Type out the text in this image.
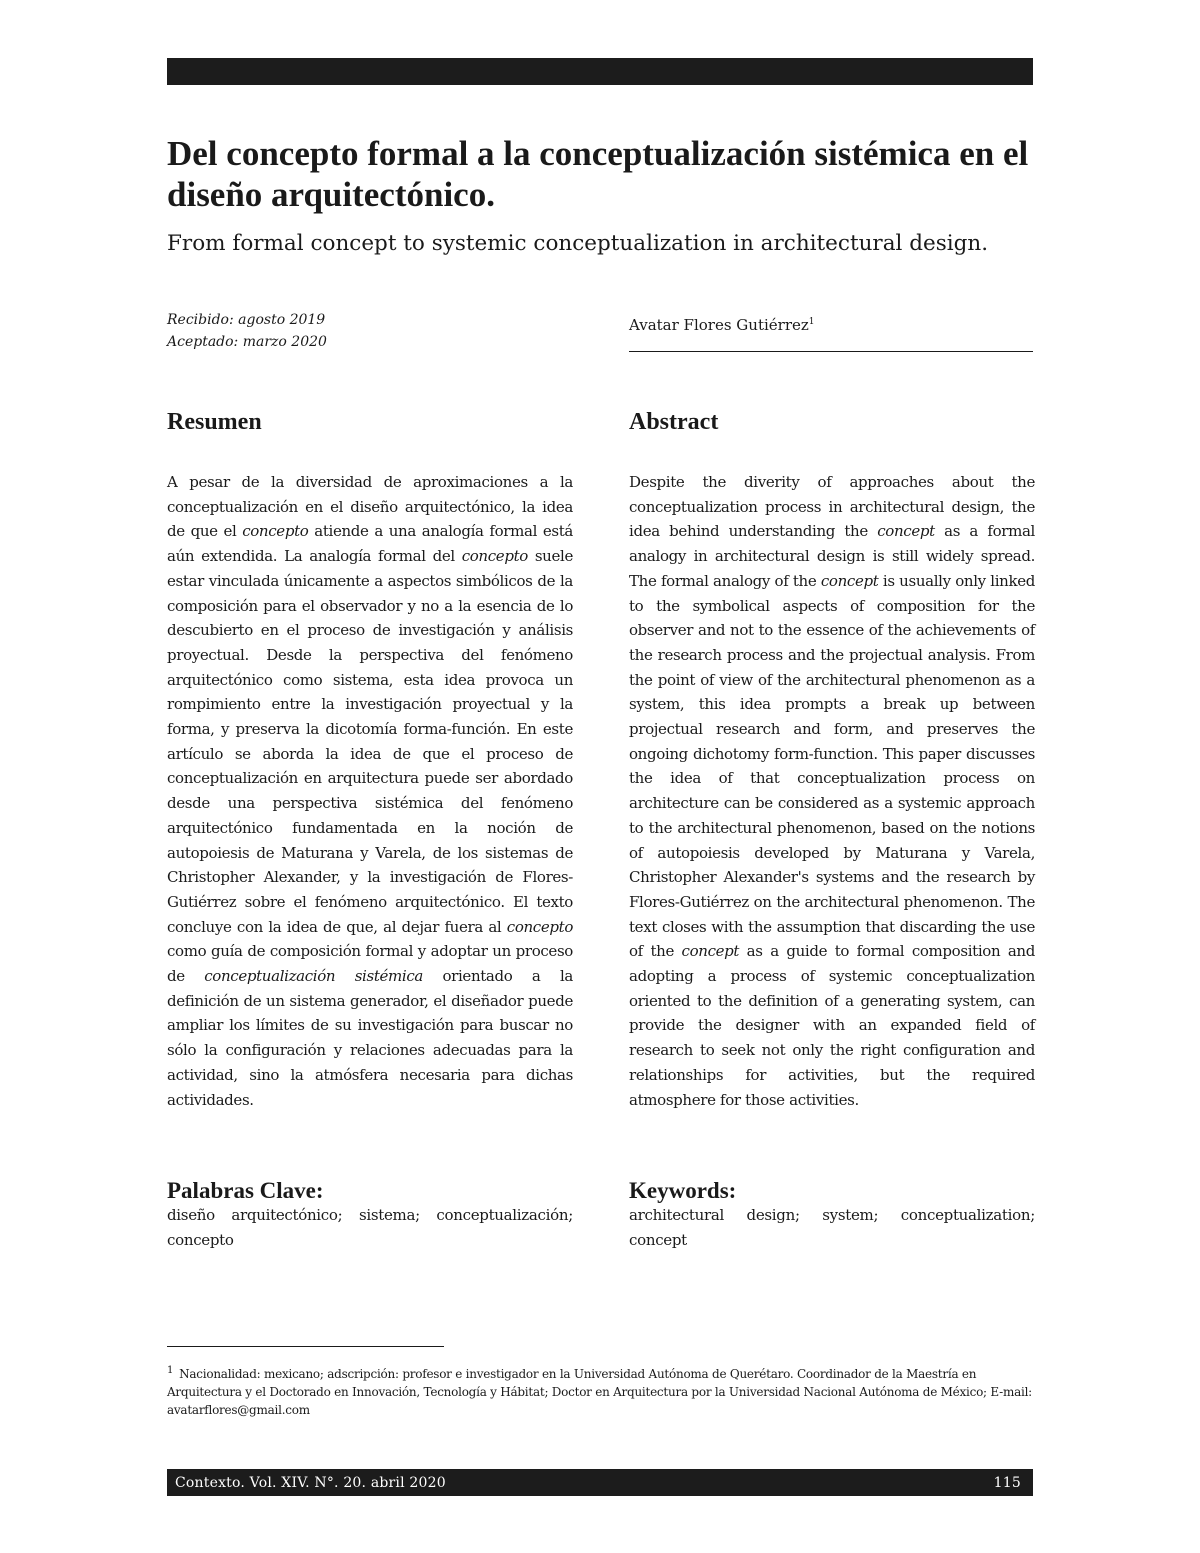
Del concepto formal a la conceptualización sistémica en el diseño arquitectónico.
From formal concept to systemic conceptualization in architectural design.
Recibido: agosto 2019
Aceptado: marzo 2020
Avatar Flores Gutiérrez$^1$
Resumen
A pesar de la diversidad de aproximaciones a la conceptualización en el diseño arquitectónico, la idea de que el concepto atiende a una analogía formal está aún extendida. La analogía formal del concepto suele estar vinculada únicamente a aspectos simbólicos de la composición para el observador y no a la esencia de lo descubierto en el proceso de investigación y análisis proyectual. Desde la perspectiva del fenómeno arquitectónico como sistema, esta idea provoca un rompimiento entre la investigación proyectual y la forma, y preserva la dicotomía forma-función. En este artículo se aborda la idea de que el proceso de conceptualización en arquitectura puede ser abordado desde una perspectiva sistémica del fenómeno arquitectónico fundamentada en la noción de autopoiesis de Maturana y Varela, de los sistemas de Christopher Alexander, y la investigación de Flores-Gutiérrez sobre el fenómeno arquitectónico. El texto concluye con la idea de que, al dejar fuera al concepto como guía de composición formal y adoptar un proceso de conceptualización sistémica orientado a la definición de un sistema generador, el diseñador puede ampliar los límites de su investigación para buscar no sólo la configuración y relaciones adecuadas para la actividad, sino la atmósfera necesaria para dichas actividades.
Palabras Clave:
diseño arquitectónico; sistema; conceptualización; concepto
Abstract
Despite the diverity of approaches about the conceptualization process in architectural design, the idea behind understanding the concept as a formal analogy in architectural design is still widely spread. The formal analogy of the concept is usually only linked to the symbolical aspects of composition for the observer and not to the essence of the achievements of the research process and the projectual analysis. From the point of view of the architectural phenomenon as a system, this idea prompts a break up between projectual research and form, and preserves the ongoing dichotomy form-function. This paper discusses the idea of that conceptualization process on architecture can be considered as a systemic approach to the architectural phenomenon, based on the notions of autopoiesis developed by Maturana y Varela, Christopher Alexander's systems and the research by Flores-Gutiérrez on the architectural phenomenon. The text closes with the assumption that discarding the use of the concept as a guide to formal composition and adopting a process of systemic conceptualization oriented to the definition of a generating system, can provide the designer with an expanded field of research to seek not only the right configuration and relationships for activities, but the required atmosphere for those activities.
Keywords:
architectural design; system; conceptualization; concept
$^1$ Nacionalidad: mexicano; adscripción: profesor e investigador en la Universidad Autónoma de Querétaro. Coordinador de la Maestría en Arquitectura y el Doctorado en Innovación, Tecnología y Hábitat; Doctor en Arquitectura por la Universidad Nacional Autónoma de México; E-mail: avatarflores@gmail.com
Contexto. Vol. XIV. N°. 20. abril 2020	115
